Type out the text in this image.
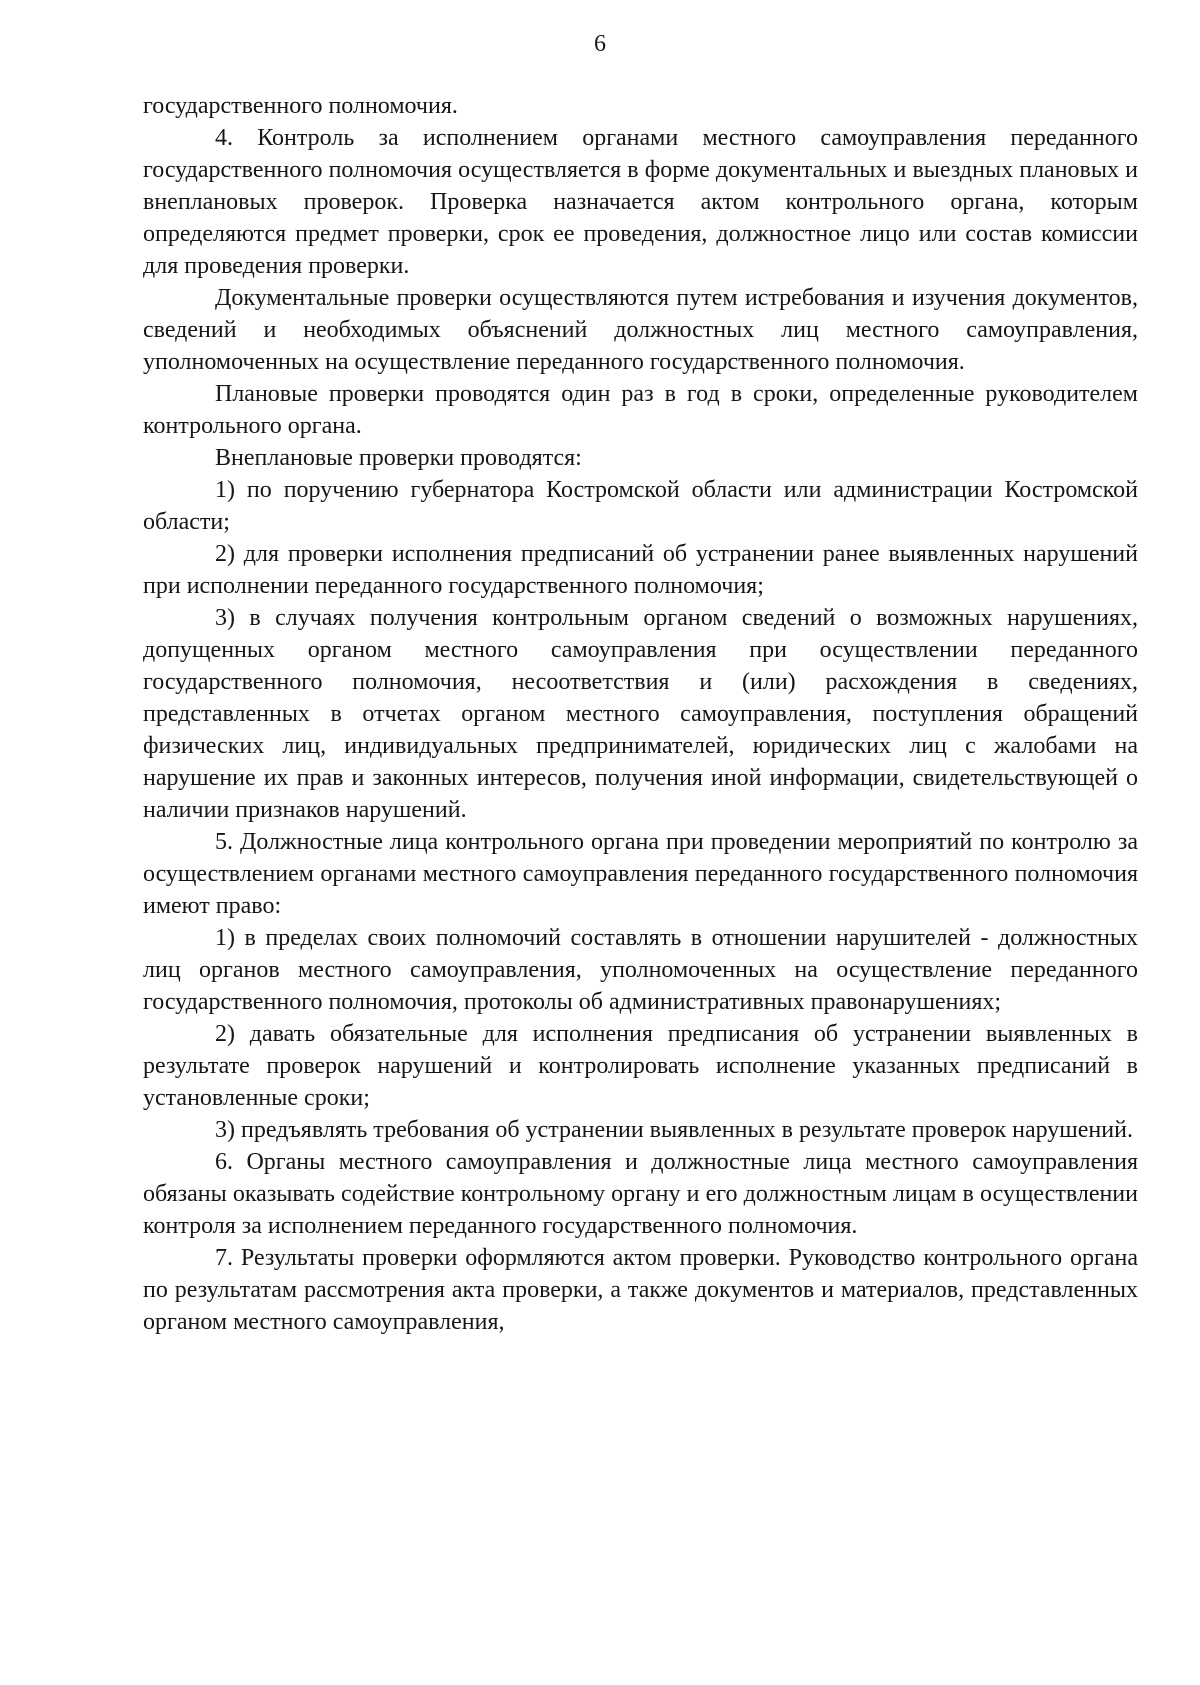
6

государственного полномочия.

4. Контроль за исполнением органами местного самоуправления переданного государственного полномочия осуществляется в форме документальных и выездных плановых и внеплановых проверок. Проверка назначается актом контрольного органа, которым определяются предмет проверки, срок ее проведения, должностное лицо или состав комиссии для проведения проверки.

Документальные проверки осуществляются путем истребования и изучения документов, сведений и необходимых объяснений должностных лиц местного самоуправления, уполномоченных на осуществление переданного государственного полномочия.

Плановые проверки проводятся один раз в год в сроки, определенные руководителем контрольного органа.

Внеплановые проверки проводятся:

1) по поручению губернатора Костромской области или администрации Костромской области;

2) для проверки исполнения предписаний об устранении ранее выявленных нарушений при исполнении переданного государственного полномочия;

3) в случаях получения контрольным органом сведений о возможных нарушениях, допущенных органом местного самоуправления при осуществлении переданного государственного полномочия, несоответствия и (или) расхождения в сведениях, представленных в отчетах органом местного самоуправления, поступления обращений физических лиц, индивидуальных предпринимателей, юридических лиц с жалобами на нарушение их прав и законных интересов, получения иной информации, свидетельствующей о наличии признаков нарушений.

5. Должностные лица контрольного органа при проведении мероприятий по контролю за осуществлением органами местного самоуправления переданного государственного полномочия имеют право:

1) в пределах своих полномочий составлять в отношении нарушителей - должностных лиц органов местного самоуправления, уполномоченных на осуществление переданного государственного полномочия, протоколы об административных правонарушениях;

2) давать обязательные для исполнения предписания об устранении выявленных в результате проверок нарушений и контролировать исполнение указанных предписаний в установленные сроки;

3) предъявлять требования об устранении выявленных в результате проверок нарушений.

6. Органы местного самоуправления и должностные лица местного самоуправления обязаны оказывать содействие контрольному органу и его должностным лицам в осуществлении контроля за исполнением переданного государственного полномочия.

7. Результаты проверки оформляются актом проверки. Руководство контрольного органа по результатам рассмотрения акта проверки, а также документов и материалов, представленных органом местного самоуправления,
